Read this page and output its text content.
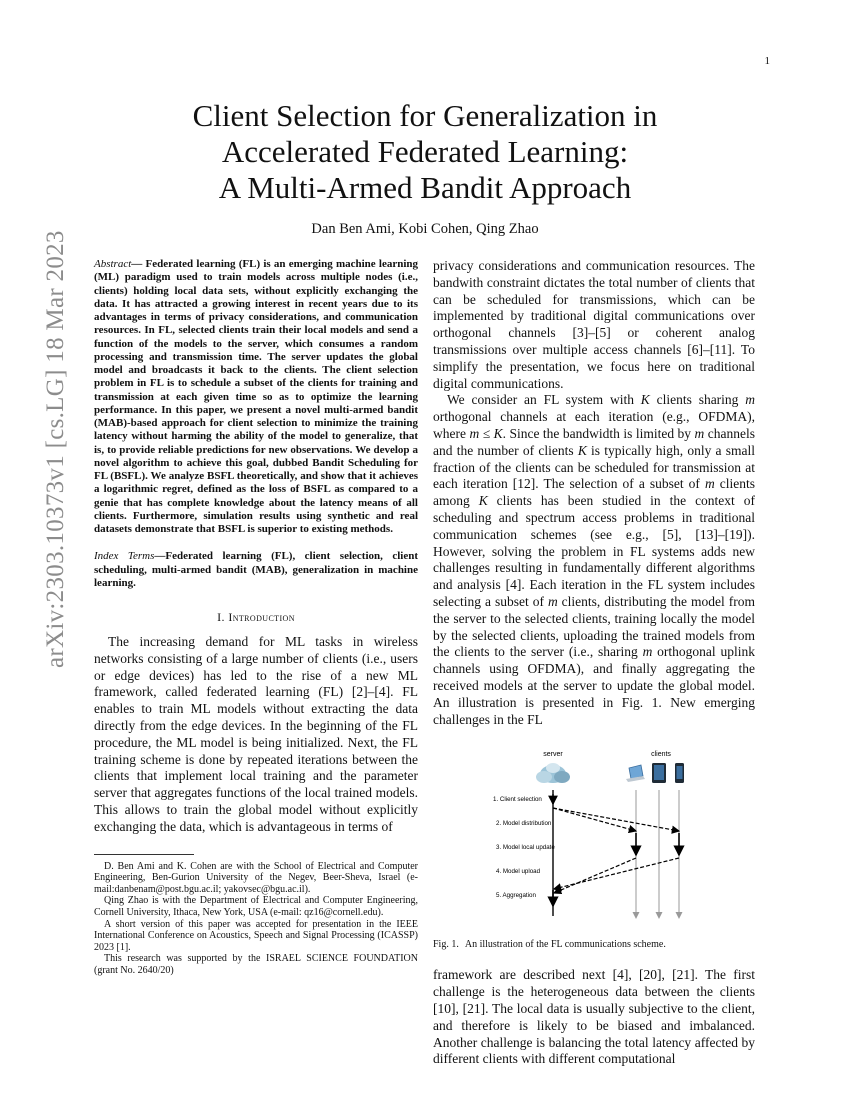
1
arXiv:2303.10373v1 [cs.LG] 18 Mar 2023
Client Selection for Generalization in
Accelerated Federated Learning:
A Multi-Armed Bandit Approach
Dan Ben Ami, Kobi Cohen, Qing Zhao

Abstract— Federated learning (FL) is an emerging machine learning (ML) paradigm used to train models across multiple nodes (i.e., clients) holding local data sets, without explicitly exchanging the data. It has attracted a growing interest in recent years due to its advantages in terms of privacy considerations, and communication resources. In FL, selected clients train their local models and send a function of the models to the server, which consumes a random processing and transmission time. The server updates the global model and broadcasts it back to the clients. The client selection problem in FL is to schedule a subset of the clients for training and transmission at each given time so as to optimize the learning performance. In this paper, we present a novel multi-armed bandit (MAB)-based approach for client selection to minimize the training latency without harming the ability of the model to generalize, that is, to provide reliable predictions for new observations. We develop a novel algorithm to achieve this goal, dubbed Bandit Scheduling for FL (BSFL). We analyze BSFL theoretically, and show that it achieves a logarithmic regret, defined as the loss of BSFL as compared to a genie that has complete knowledge about the latency means of all clients. Furthermore, simulation results using synthetic and real datasets demonstrate that BSFL is superior to existing methods.

Index Terms—Federated learning (FL), client selection, client scheduling, multi-armed bandit (MAB), generalization in machine learning.

I. Introduction

The increasing demand for ML tasks in wireless networks consisting of a large number of clients (i.e., users or edge devices) has led to the rise of a new ML framework, called federated learning (FL) [2]–[4]. FL enables to train ML models without extracting the data directly from the edge devices. In the beginning of the FL procedure, the ML model is being initialized. Next, the FL training scheme is done by repeated iterations between the clients that implement local training and the parameter server that aggregates functions of the local trained models. This allows to train the global model without explicitly exchanging the data, which is advantageous in terms of

D. Ben Ami and K. Cohen are with the School of Electrical and Computer Engineering, Ben-Gurion University of the Negev, Beer-Sheva, Israel (e-mail:danbenam@post.bgu.ac.il; yakovsec@bgu.ac.il).

Qing Zhao is with the Department of Electrical and Computer Engineering, Cornell University, Ithaca, New York, USA (e-mail: qz16@cornell.edu).

A short version of this paper was accepted for presentation in the IEEE International Conference on Acoustics, Speech and Signal Processing (ICASSP) 2023 [1].

This research was supported by the ISRAEL SCIENCE FOUNDATION (grant No. 2640/20)

privacy considerations and communication resources. The bandwith constraint dictates the total number of clients that can be scheduled for transmissions, which can be implemented by traditional digital communications over orthogonal channels [3]–[5] or coherent analog transmissions over multiple access channels [6]–[11]. To simplify the presentation, we focus here on traditional digital communications.

We consider an FL system with K clients sharing m orthogonal channels at each iteration (e.g., OFDMA), where m ≤ K. Since the bandwidth is limited by m channels and the number of clients K is typically high, only a small fraction of the clients can be scheduled for transmission at each iteration [12]. The selection of a subset of m clients among K clients has been studied in the context of scheduling and spectrum access problems in traditional communication schemes (see e.g., [5], [13]–[19]). However, solving the problem in FL systems adds new challenges resulting in fundamentally different algorithms and analysis [4]. Each iteration in the FL system includes selecting a subset of m clients, distributing the model from the server to the selected clients, training locally the model by the selected clients, uploading the trained models from the clients to the server (i.e., sharing m orthogonal uplink channels using OFDMA), and finally aggregating the received models at the server to update the global model. An illustration is presented in Fig. 1. New emerging challenges in the FL

server	clients
1. Client selection
2. Model distribution
3. Model local update
4. Model upload
5. Aggregation

Fig. 1. An illustration of the FL communications scheme.

framework are described next [4], [20], [21]. The first challenge is the heterogeneous data between the clients [10], [21]. The local data is usually subjective to the client, and therefore is likely to be biased and imbalanced. Another challenge is balancing the total latency affected by different clients with different computational
